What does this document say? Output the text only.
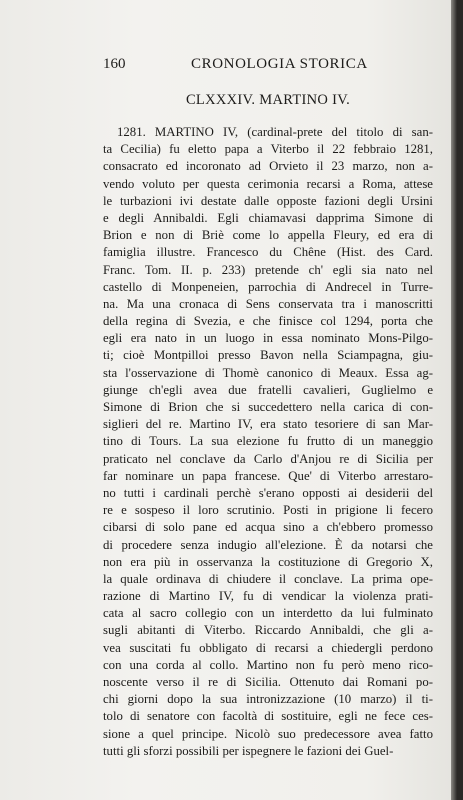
160	CRONOLOGIA STORICA
CLXXXIV. MARTINO IV.
1281. MARTINO IV, (cardinal-prete del titolo di san-
ta Cecilia) fu eletto papa a Viterbo il 22 febbraio 1281,
consacrato ed incoronato ad Orvieto il 23 marzo, non a-
vendo voluto per questa cerimonia recarsi a Roma, attese
le turbazioni ivi destate dalle opposte fazioni degli Ursini
e degli Annibaldi. Egli chiamavasi dapprima Simone di
Brion e non di Briè come lo appella Fleury, ed era di
famiglia illustre. Francesco du Chêne (Hist. des Card.
Franc. Tom. II. p. 233) pretende ch' egli sia nato nel
castello di Monpeneien, parrochia di Andrecel in Turre-
na. Ma una cronaca di Sens conservata tra i manoscritti
della regina di Svezia, e che finisce col 1294, porta che
egli era nato in un luogo in essa nominato Mons-Pilgo-
ti; cioè Montpilloi presso Bavon nella Sciampagna, giu-
sta l'osservazione di Thomè canonico di Meaux. Essa ag-
giunge ch'egli avea due fratelli cavalieri, Guglielmo e
Simone di Brion che si succedettero nella carica di con-
siglieri del re. Martino IV, era stato tesoriere di san Mar-
tino di Tours. La sua elezione fu frutto di un maneggio
praticato nel conclave da Carlo d'Anjou re di Sicilia per
far nominare un papa francese. Que' di Viterbo arrestaro-
no tutti i cardinali perchè s'erano opposti ai desiderii del
re e sospeso il loro scrutinio. Posti in prigione li fecero
cibarsi di solo pane ed acqua sino a ch'ebbero promesso
di procedere senza indugio all'elezione. È da notarsi che
non era più in osservanza la costituzione di Gregorio X,
la quale ordinava di chiudere il conclave. La prima ope-
razione di Martino IV, fu di vendicar la violenza prati-
cata al sacro collegio con un interdetto da lui fulminato
sugli abitanti di Viterbo. Riccardo Annibaldi, che gli a-
vea suscitati fu obbligato di recarsi a chiedergli perdono
con una corda al collo. Martino non fu però meno rico-
noscente verso il re di Sicilia. Ottenuto dai Romani po-
chi giorni dopo la sua intronizzazione (10 marzo) il ti-
tolo di senatore con facoltà di sostituire, egli ne fece ces-
sione a quel principe. Nicolò suo predecessore avea fatto
tutti gli sforzi possibili per ispegnere le fazioni dei Guel-
